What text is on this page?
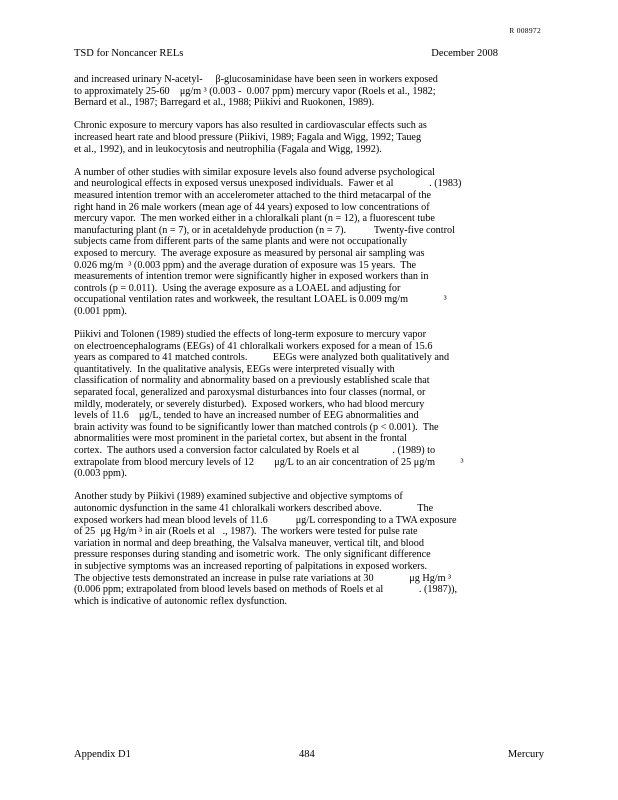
R 008972
TSD for Noncancer RELs	December 2008
and increased urinary N-acetyl-     β-glucosaminidase have been seen in workers exposed
to approximately 25-60    μg/m ³ (0.003 -  0.007 ppm) mercury vapor (Roels et al., 1982;
Bernard et al., 1987; Barregard et al., 1988; Piikivi and Ruokonen, 1989).
Chronic exposure to mercury vapors has also resulted in cardiovascular effects such as
increased heart rate and blood pressure (Piikivi, 1989; Fagala and Wigg, 1992; Taueg
et al., 1992), and in leukocytosis and neutrophilia (Fagala and Wigg, 1992).
A number of other studies with similar exposure levels also found adverse psychological
and neurological effects in exposed versus unexposed individuals.  Fawer et al              . (1983)
measured intention tremor with an accelerometer attached to the third metacarpal of the
right hand in 26 male workers (mean age of 44 years) exposed to low concentrations of
mercury vapor.  The men worked either in a chloralkali plant (n = 12), a fluorescent tube
manufacturing plant (n = 7), or in acetaldehyde production (n = 7).           Twenty-five control
subjects came from different parts of the same plants and were not occupationally
exposed to mercury.  The average exposure as measured by personal air sampling was
0.026 mg/m  ³ (0.003 ppm) and the average duration of exposure was 15 years.  The
measurements of intention tremor were significantly higher in exposed workers than in
controls (p = 0.011).  Using the average exposure as a LOAEL and adjusting for
occupational ventilation rates and workweek, the resultant LOAEL is 0.009 mg/m              ³
(0.001 ppm).
Piikivi and Tolonen (1989) studied the effects of long-term exposure to mercury vapor
on electroencephalograms (EEGs) of 41 chloralkali workers exposed for a mean of 15.6
years as compared to 41 matched controls.          EEGs were analyzed both qualitatively and
quantitatively.  In the qualitative analysis, EEGs were interpreted visually with
classification of normality and abnormality based on a previously established scale that
separated focal, generalized and paroxysmal disturbances into four classes (normal, or
mildly, moderately, or severely disturbed).  Exposed workers, who had blood mercury
levels of 11.6    μg/L, tended to have an increased number of EEG abnormalities and
brain activity was found to be significantly lower than matched controls (p < 0.001).  The
abnormalities were most prominent in the parietal cortex, but absent in the frontal
cortex.  The authors used a conversion factor calculated by Roels et al             . (1989) to
extrapolate from blood mercury levels of 12        μg/L to an air concentration of 25 μg/m          ³
(0.003 ppm).
Another study by Piikivi (1989) examined subjective and objective symptoms of
autonomic dysfunction in the same 41 chloralkali workers described above.              The
exposed workers had mean blood levels of 11.6           μg/L corresponding to a TWA exposure
of 25  μg Hg/m ³ in air (Roels et al   ., 1987).  The workers were tested for pulse rate
variation in normal and deep breathing, the Valsalva maneuver, vertical tilt, and blood
pressure responses during standing and isometric work.  The only significant difference
in subjective symptoms was an increased reporting of palpitations in exposed workers.
The objective tests demonstrated an increase in pulse rate variations at 30              μg Hg/m ³
(0.006 ppm; extrapolated from blood levels based on methods of Roels et al              . (1987)),
which is indicative of autonomic reflex dysfunction.
Appendix D1	484	Mercury
